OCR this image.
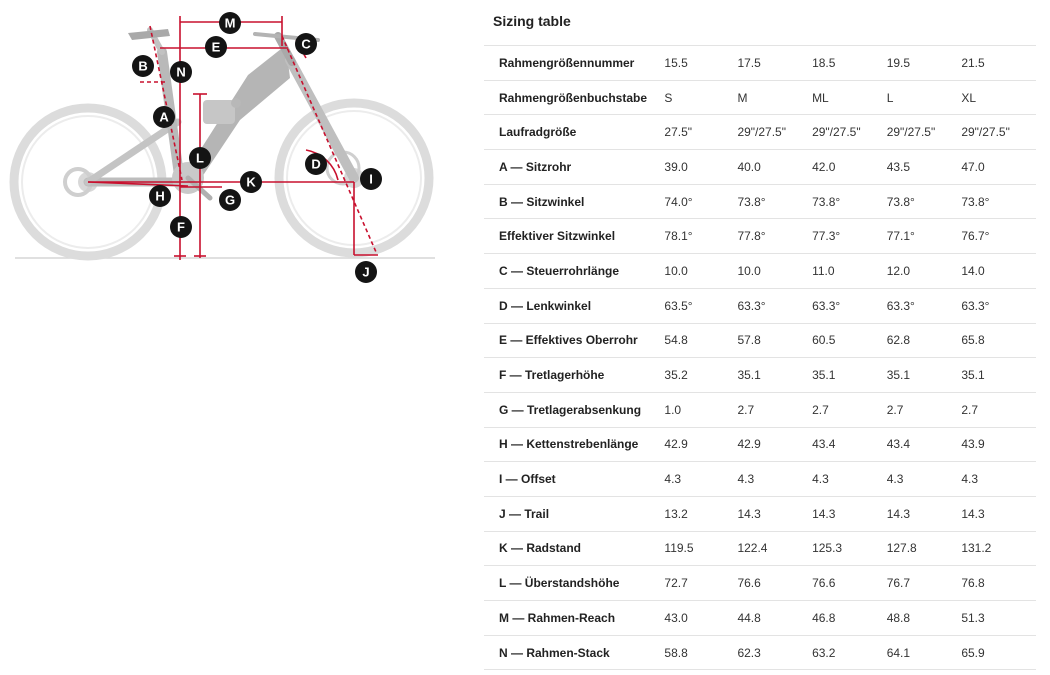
M
E	C
B N
A
L	D
I
K
H	G
F
J
Sizing table
Rahmengrößennummer	15.5	17.5	18.5	19.5	21.5
Rahmengrößenbuchstabe	S	M	ML	L	XL
Laufradgröße	27.5"	29"/27.5"	29"/27.5"	29"/27.5"	29"/27.5"
A — Sitzrohr	39.0	40.0	42.0	43.5	47.0
B — Sitzwinkel	74.0°	73.8°	73.8°	73.8°	73.8°
Effektiver Sitzwinkel	78.1°	77.8°	77.3°	77.1°	76.7°
C — Steuerrohrlänge	10.0	10.0	11.0	12.0	14.0
D — Lenkwinkel	63.5°	63.3°	63.3°	63.3°	63.3°
E — Effektives Oberrohr	54.8	57.8	60.5	62.8	65.8
F — Tretlagerhöhe	35.2	35.1	35.1	35.1	35.1
G — Tretlagerabsenkung	1.0	2.7	2.7	2.7	2.7
H — Kettenstrebenlänge	42.9	42.9	43.4	43.4	43.9
I — Offset	4.3	4.3	4.3	4.3	4.3
J — Trail	13.2	14.3	14.3	14.3	14.3
K — Radstand	119.5	122.4	125.3	127.8	131.2
L — Überstandshöhe	72.7	76.6	76.6	76.7	76.8
M — Rahmen-Reach	43.0	44.8	46.8	48.8	51.3
N — Rahmen-Stack	58.8	62.3	63.2	64.1	65.9
